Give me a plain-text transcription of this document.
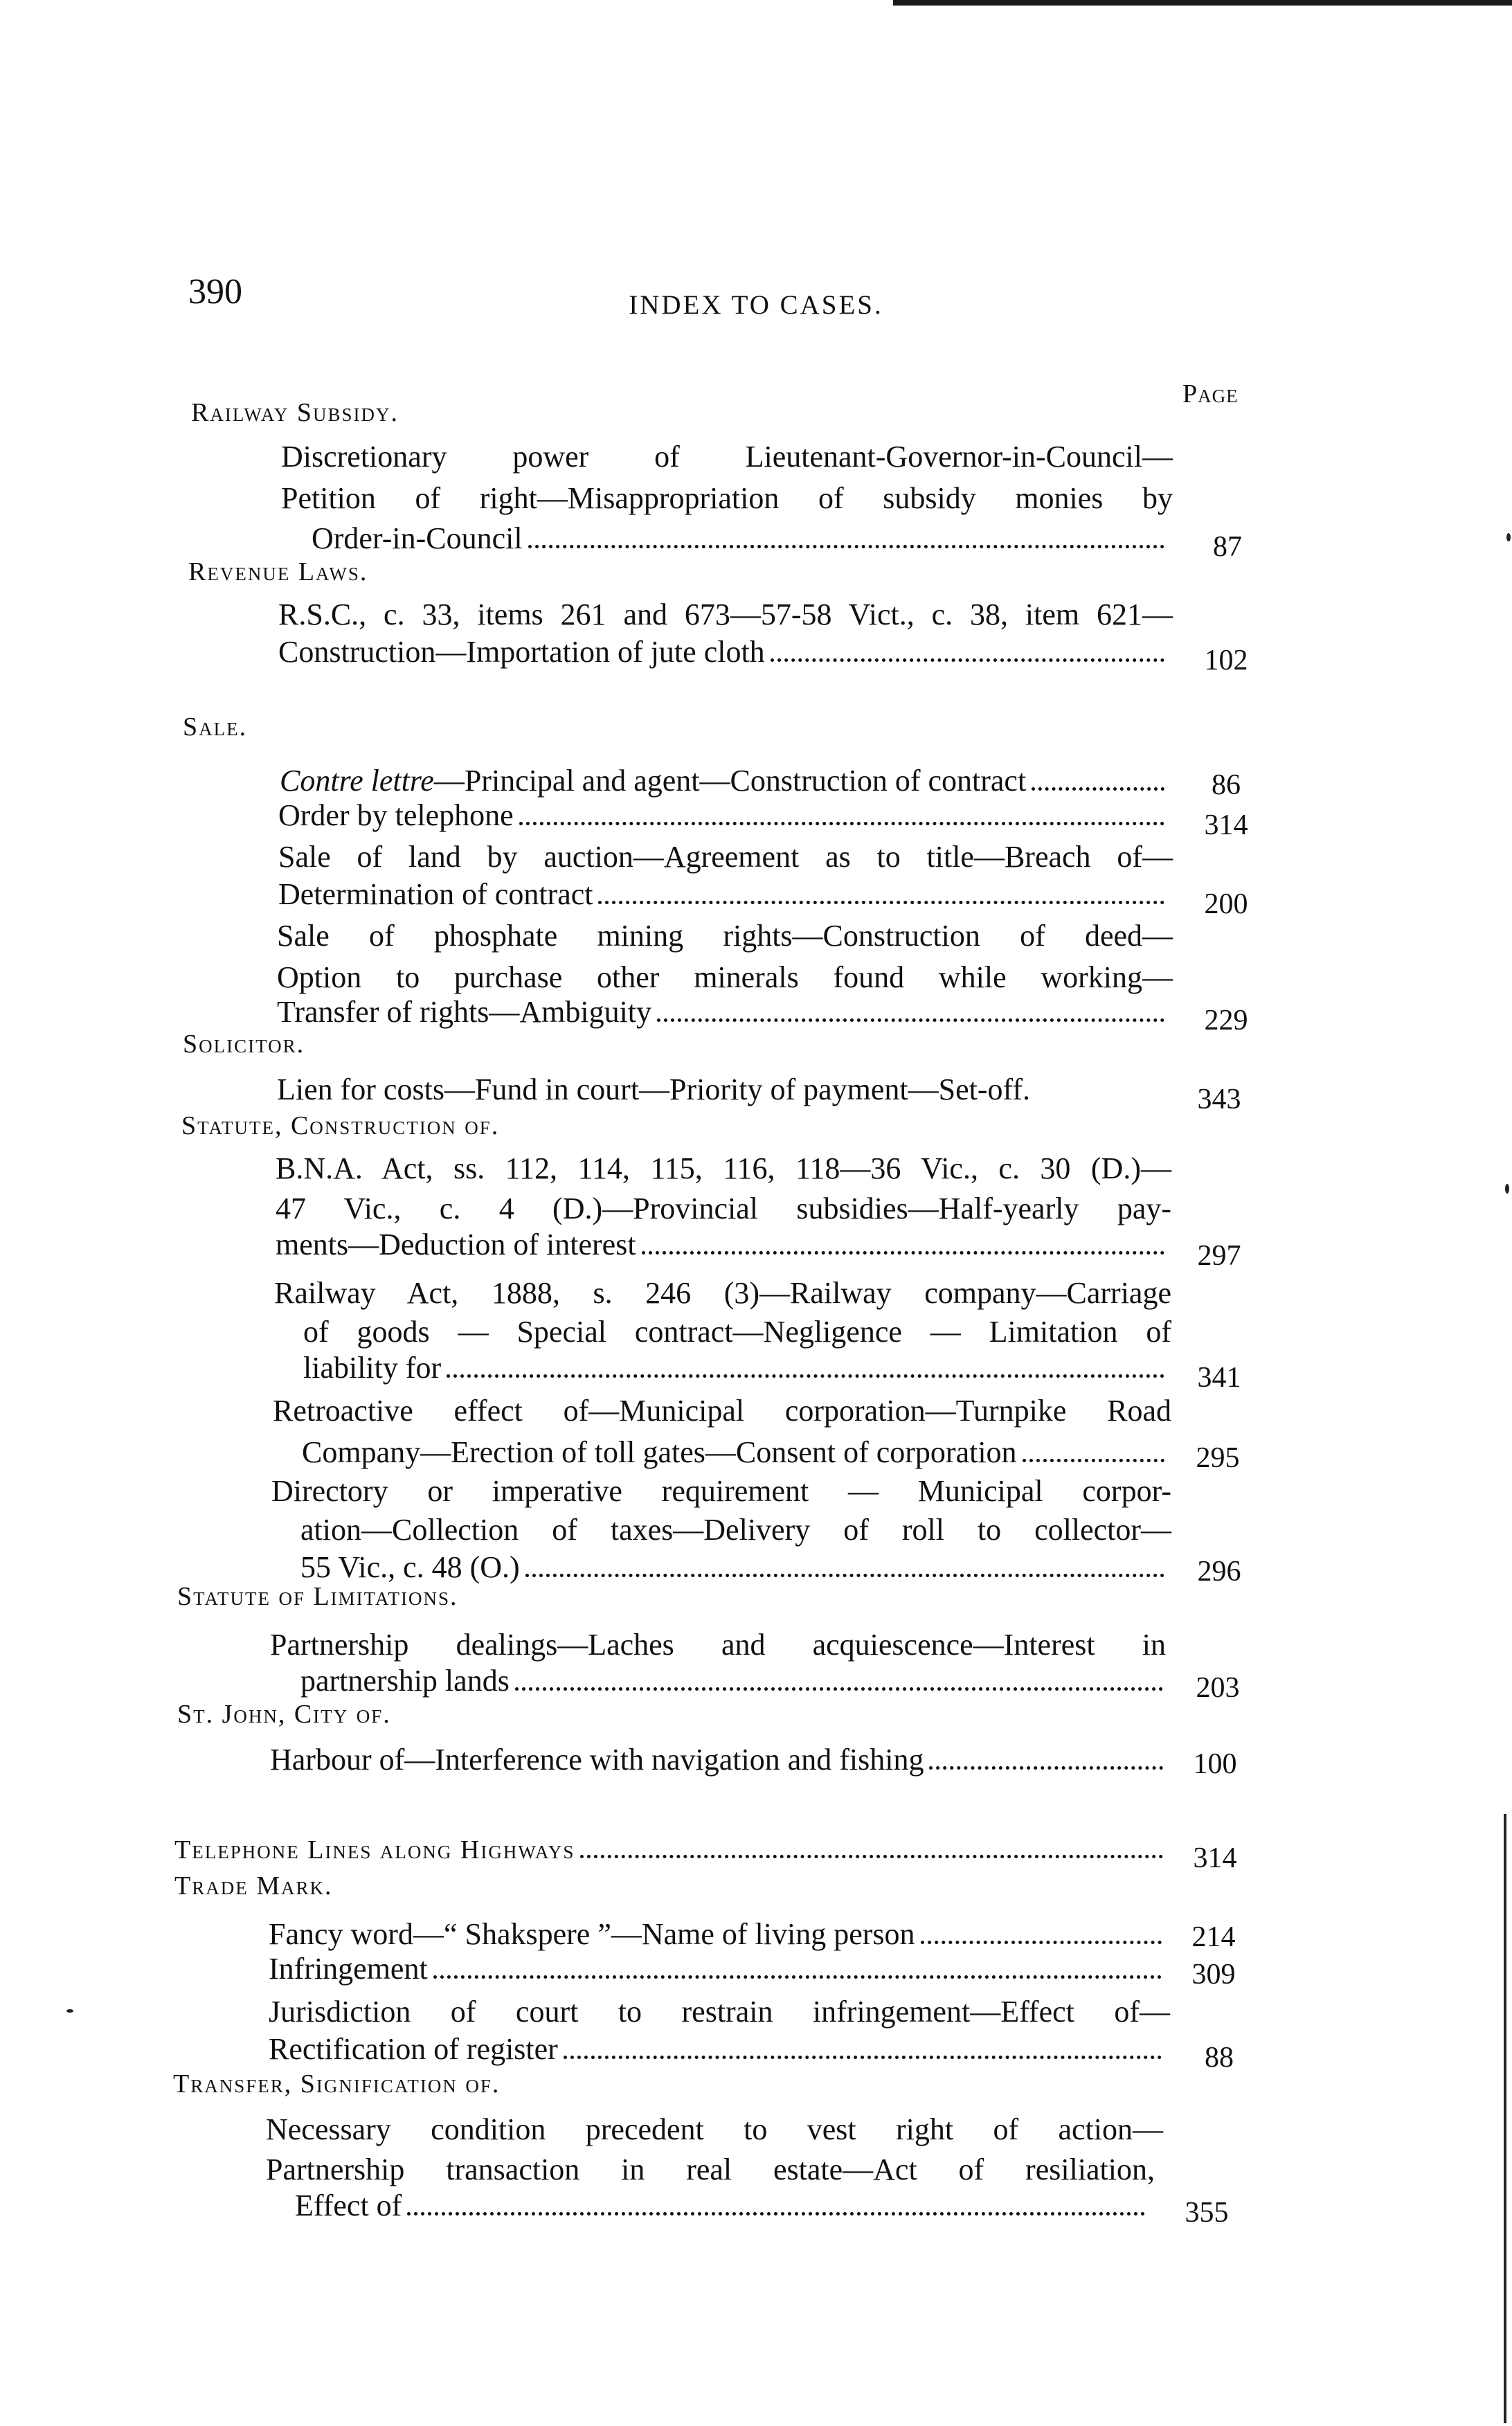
390	INDEX TO CASES.
Page
Railway Subsidy.
Discretionary power of Lieutenant-Governor-in-Council—
Petition of right—Misappropriation of subsidy monies by
Order-in-Council	87
Revenue Laws.
R.S.C., c. 33, items 261 and 673—57-58 Vict., c. 38, item 621—
Construction—Importation of jute cloth	102
Sale.
Contre lettre—Principal and agent—Construction of contract	86
Order by telephone	314
Sale of land by auction—Agreement as to title—Breach of—
Determination of contract	200
Sale of phosphate mining rights—Construction of deed—
Option to purchase other minerals found while working—
Transfer of rights—Ambiguity	229
Solicitor.
Lien for costs—Fund in court—Priority of payment—Set-off.	343
Statute, Construction of.
B.N.A. Act, ss. 112, 114, 115, 116, 118—36 Vic., c. 30 (D.)—
47 Vic., c. 4 (D.)—Provincial subsidies—Half-yearly pay-
ments—Deduction of interest	297
Railway Act, 1888, s. 246 (3)—Railway company—Carriage
of goods — Special contract—Negligence — Limitation of
liability for	341
Retroactive effect of—Municipal corporation—Turnpike Road
Company—Erection of toll gates—Consent of corporation	295
Directory or imperative requirement — Municipal corpor-
ation—Collection of taxes—Delivery of roll to collector—
55 Vic., c. 48 (O.)	296
Statute of Limitations.
Partnership dealings—Laches and acquiescence—Interest in
partnership lands	203
St. John, City of.
Harbour of—Interference with navigation and fishing	100
Telephone Lines along Highways	314
Trade Mark.
Fancy word—“ Shakspere ”—Name of living person	214
Infringement	309
Jurisdiction of court to restrain infringement—Effect of—
Rectification of register	88
Transfer, Signification of.
Necessary condition precedent to vest right of action—
Partnership transaction in real estate—Act of resiliation,
Effect of	355
